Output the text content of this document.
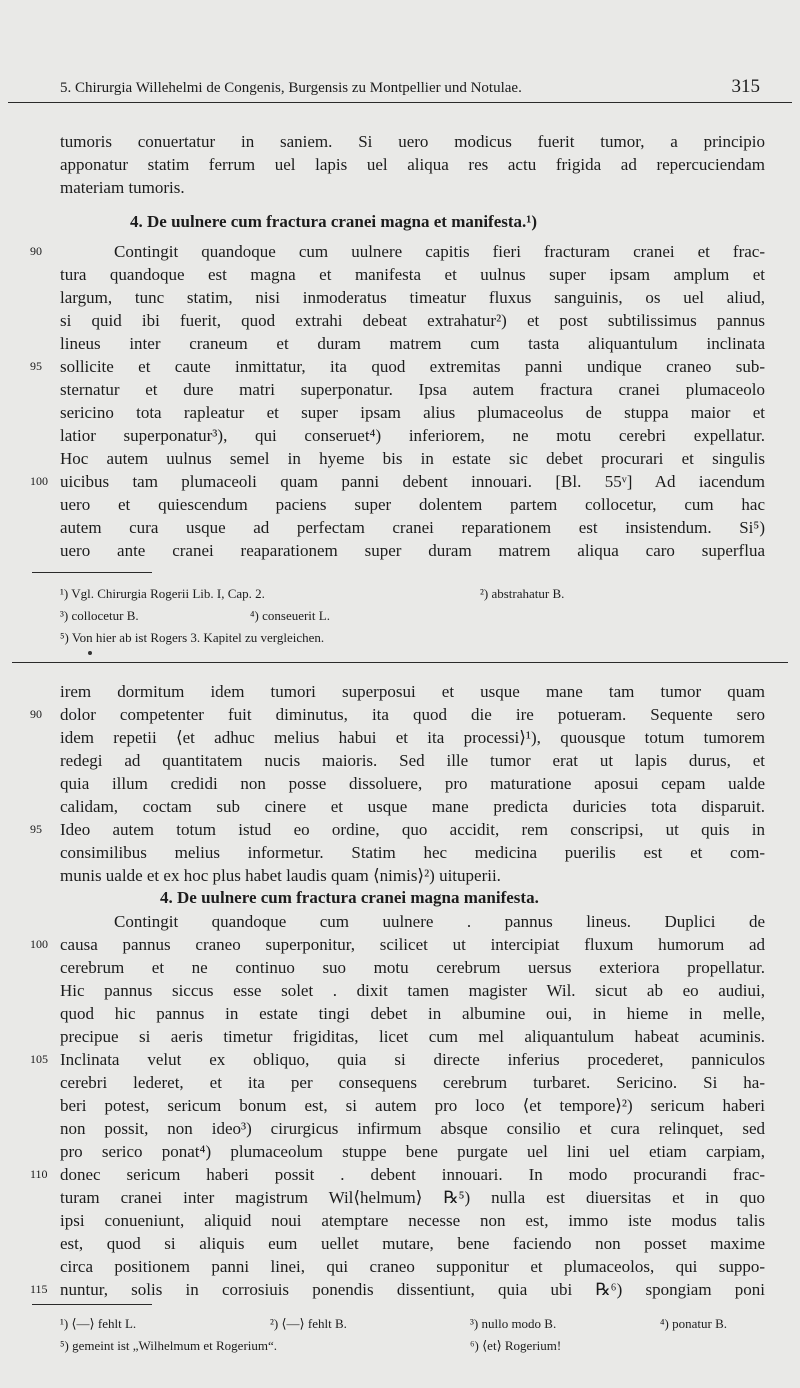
5. Chirurgia Willehelmi de Congenis, Burgensis zu Montpellier und Notulae.	315
tumoris conuertatur in saniem. Si uero modicus fuerit tumor, a principio
apponatur statim ferrum uel lapis uel aliqua res actu frigida ad repercuciendam
materiam tumoris.
4. De uulnere cum fractura cranei magna et manifesta.¹)
Contingit quandoque cum uulnere capitis fieri fracturam cranei et frac-
tura quandoque est magna et manifesta et uulnus super ipsam amplum et
largum, tunc statim, nisi inmoderatus timeatur fluxus sanguinis, os uel aliud,
si quid ibi fuerit, quod extrahi debeat extrahatur²) et post subtilissimus pannus
lineus inter craneum et duram matrem cum tasta aliquantulum inclinata
sollicite et caute inmittatur, ita quod extremitas panni undique craneo sub-
sternatur et dure matri superponatur. Ipsa autem fractura cranei plumaceolo
sericino tota rapleatur et super ipsam alius plumaceolus de stuppa maior et
latior superponatur³), qui conseruet⁴) inferiorem, ne motu cerebri expellatur.
Hoc autem uulnus semel in hyeme bis in estate sic debet procurari et singulis
uicibus tam plumaceoli quam panni debent innouari. [Bl. 55ᵛ] Ad iacendum
uero et quiescendum paciens super dolentem partem collocetur, cum hac
autem cura usque ad perfectam cranei reparationem est insistendum. Si⁵)
uero ante cranei reaparationem super duram matrem aliqua caro superflua
90
95
100
¹) Vgl. Chirurgia Rogerii Lib. I, Cap. 2.	²) abstrahatur B.
³) collocetur B.	⁴) conseuerit L.
⁵) Von hier ab ist Rogers 3. Kapitel zu vergleichen.
irem dormitum idem tumori superposui et usque mane tam tumor quam
dolor competenter fuit diminutus, ita quod die ire potueram. Sequente sero
idem repetii ⟨et adhuc melius habui et ita processi⟩¹), quousque totum tumorem
redegi ad quantitatem nucis maioris. Sed ille tumor erat ut lapis durus, et
quia illum credidi non posse dissoluere, pro maturatione aposui cepam ualde
calidam, coctam sub cinere et usque mane predicta duricies tota disparuit.
Ideo autem totum istud eo ordine, quo accidit, rem conscripsi, ut quis in
consimilibus melius informetur. Statim hec medicina puerilis est et com-
munis ualde et ex hoc plus habet laudis quam ⟨nimis⟩²) uituperii.
4. De uulnere cum fractura cranei magna manifesta.
Contingit quandoque cum uulnere . pannus lineus. Duplici de
causa pannus craneo superponitur, scilicet ut intercipiat fluxum humorum ad
cerebrum et ne continuo suo motu cerebrum uersus exteriora propellatur.
Hic pannus siccus esse solet . dixit tamen magister Wil. sicut ab eo audiui,
quod hic pannus in estate tingi debet in albumine oui, in hieme in melle,
precipue si aeris timetur frigiditas, licet cum mel aliquantulum habeat acuminis.
Inclinata velut ex obliquo, quia si directe inferius procederet, panniculos
cerebri lederet, et ita per consequens cerebrum turbaret. Sericino. Si ha-
beri potest, sericum bonum est, si autem pro loco ⟨et tempore⟩²) sericum haberi
non possit, non ideo³) cirurgicus infirmum absque consilio et cura relinquet, sed
pro serico ponat⁴) plumaceolum stuppe bene purgate uel lini uel etiam carpiam,
donec sericum haberi possit . debent innouari. In modo procurandi frac-
turam cranei inter magistrum Wil⟨helmum⟩ ℞⁵) nulla est diuersitas et in quo
ipsi conueniunt, aliquid noui atemptare necesse non est, immo iste modus talis
est, quod si aliquis eum uellet mutare, bene faciendo non posset maxime
circa positionem panni linei, qui craneo supponitur et plumaceolos, qui suppo-
nuntur, solis in corrosiuis ponendis dissentiunt, quia ubi ℞⁶) spongiam poni
90
95
100
105
110
115
¹) ⟨—⟩ fehlt L.	²) ⟨—⟩ fehlt B.	³) nullo modo B.	⁴) ponatur B.
⁵) gemeint ist „Wilhelmum et Rogerium“.	⁶) ⟨et⟩ Rogerium!
